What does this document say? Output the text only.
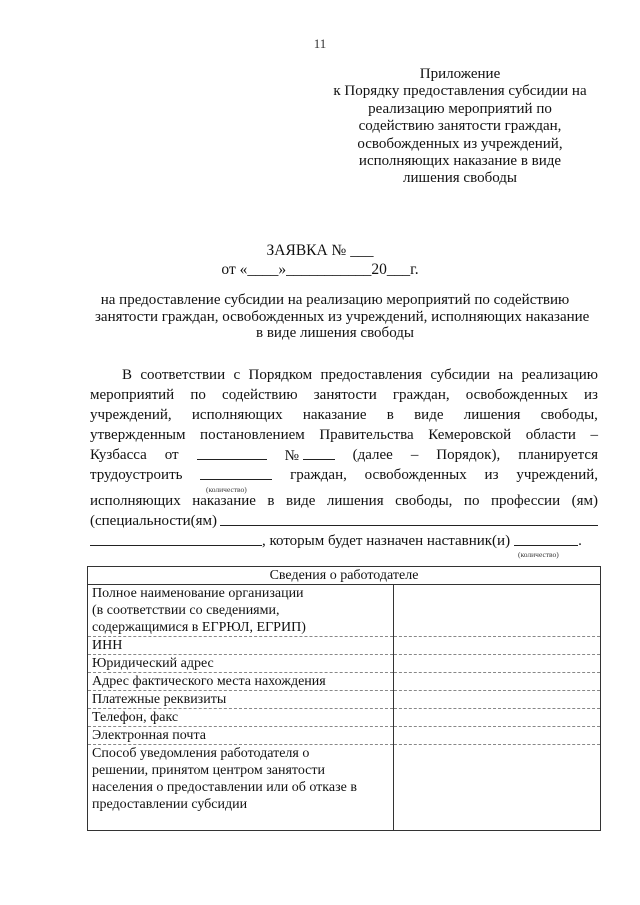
11
Приложение
к Порядку предоставления субсидии на
реализацию мероприятий по
содействию занятости граждан,
освобожденных из учреждений,
исполняющих наказание в виде
лишения свободы
ЗАЯВКА № ___
от «____»___________20___г.
на предоставление субсидии на реализацию мероприятий по содействию
занятости граждан, освобожденных из учреждений, исполняющих наказание
в виде лишения свободы
В соответствии с Порядком предоставления субсидии на реализацию
мероприятий по содействию занятости граждан, освобожденных из
учреждений, исполняющих наказание в виде лишения свободы,
утвержденным постановлением Правительства Кемеровской области –
Кузбасса от	№	(далее – Порядок), планируется
трудоустроить	граждан, освобожденных из учреждений,
(количество)
исполняющих наказание в виде лишения свободы, по профессии (ям)
(специальности(ям)
, которым будет назначен наставник(и)	.
(количество)
Сведения о работодателе	

Полное наименование организации
(в соответствии со сведениями,
содержащимися в ЕГРЮЛ, ЕГРИП)	

ИНН	

Юридический адрес	

Адрес фактического места нахождения	

Платежные реквизиты	

Телефон, факс	

Электронная почта	

Способ уведомления работодателя о
решении, принятом центром занятости
населения о предоставлении или об отказе в
предоставлении субсидии	
